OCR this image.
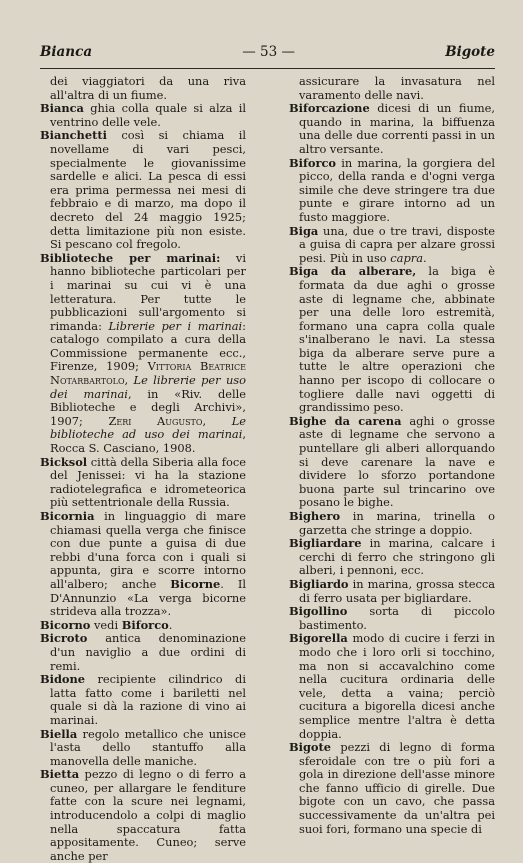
Bianca	— 53 —	Bigote

dei viaggiatori da una riva all'altra di un fiume.

Bianca ghia colla quale si alza il ventrino delle vele.

Bianchetti così si chiama il novellame di vari pesci, specialmente le giovanissime sardelle e alici. La pesca di essi era prima permessa nei mesi di febbraio e di marzo, ma dopo il decreto del 24 maggio 1925; detta limitazione più non esiste. Si pescano col fregolo.

Biblioteche per marinai: vi hanno biblioteche particolari per i marinai su cui vi è una letteratura. Per tutte le pubblicazioni sull'argomento si rimanda: Librerie per i marinai: catalogo compilato a cura della Commissione permanente ecc., Firenze, 1909; Vittoria Beatrice Notarbartolo, Le librerie per uso dei marinai, in «Riv. delle Biblioteche e degli Archivi», 1907; Zeri Augusto, Le biblioteche ad uso dei marinai, Rocca S. Casciano, 1908.

Bicksol città della Siberia alla foce del Jenissei: vi ha la stazione radiotelegrafica e idrometeorica più settentrionale della Russia.

Bicornia in linguaggio di mare chiamasi quella verga che finisce con due punte a guisa di due rebbi d'una forca con i quali si appunta, gira e scorre intorno all'albero; anche Bicorne. Il D'Annunzio «La verga bicorne strideva alla trozza».

Bicorno vedi Biforco.

Bicroto antica denominazione d'un naviglio a due ordini di remi.

Bidone recipiente cilindrico di latta fatto come i bariletti nel quale si dà la razione di vino ai marinai.

Biella regolo metallico che unisce l'asta dello stantuffo alla manovella delle maniche.

Bietta pezzo di legno o di ferro a cuneo, per allargare le fenditure fatte con la scure nei legnami, introducendolo a colpi di maglio nella spaccatura fatta appositamente. Cuneo; serve anche per

assicurare la invasatura nel varamento delle navi.

Biforcazione dicesi di un fiume, quando in marina, la biffuenza una delle due correnti passi in un altro versante.

Biforco in marina, la gorgiera del picco, della randa e d'ogni verga simile che deve stringere tra due punte e girare intorno ad un fusto maggiore.

Biga una, due o tre travi, disposte a guisa di capra per alzare grossi pesi. Più in uso capra.

Biga da alberare, la biga è formata da due aghi o grosse aste di legname che, abbinate per una delle loro estremità, formano una capra colla quale s'inalberano le navi. La stessa biga da alberare serve pure a tutte le altre operazioni che hanno per iscopo di collocare o togliere dalle navi oggetti di grandissimo peso.

Bighe da carena aghi o grosse aste di legname che servono a puntellare gli alberi allorquando si deve carenare la nave e dividere lo sforzo portandone buona parte sul trincarino ove posano le bighe.

Bighero in marina, trinella o garzetta che stringe a doppio.

Bigliardare in marina, calcare i cerchi di ferro che stringono gli alberi, i pennoni, ecc.

Bigliardo in marina, grossa stecca di ferro usata per bigliardare.

Bigollino sorta di piccolo bastimento.

Bigorella modo di cucire i ferzi in modo che i loro orli si tocchino, ma non si accavalchino come nella cucitura ordinaria delle vele, detta a vaina; perciò cucitura a bigorella dicesi anche semplice mentre l'altra è detta doppia.

Bigote pezzi di legno di forma sferoidale con tre o più fori a gola in direzione dell'asse minore che fanno ufficio di girelle. Due bigote con un cavo, che passa successivamente da un'altra pei suoi fori, formano una specie di
